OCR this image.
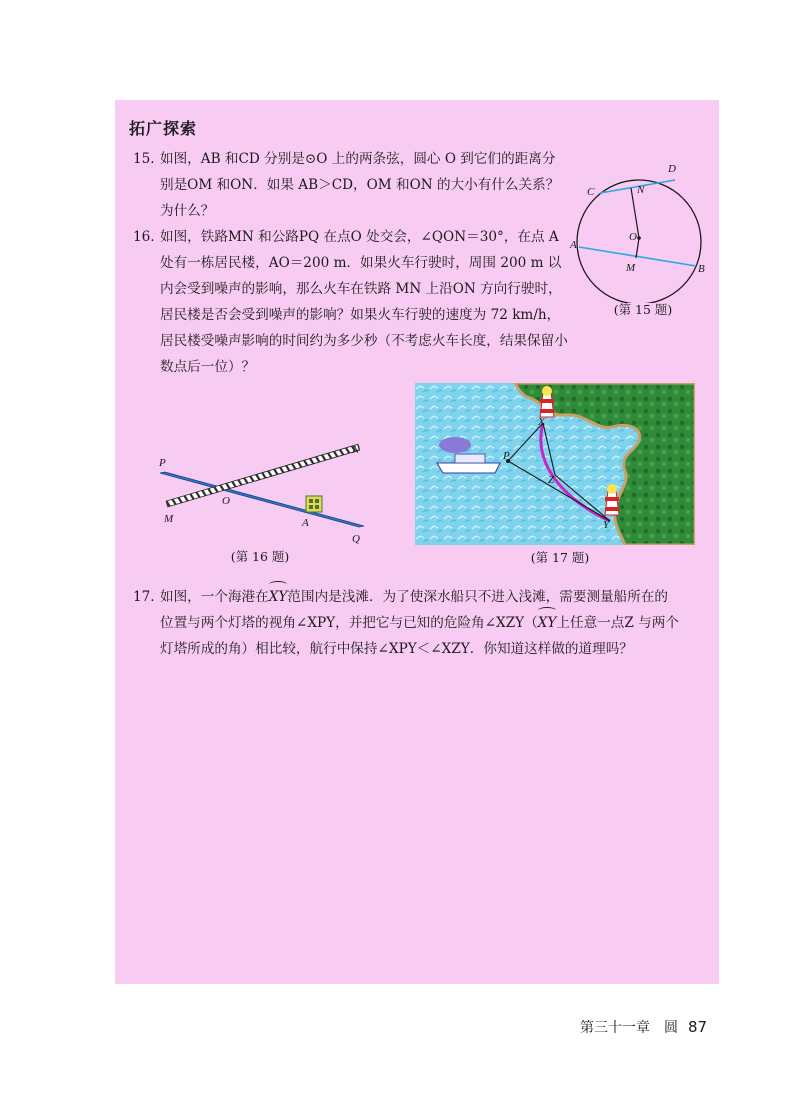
拓广探索

15. 如图，AB 和CD 分别是⊙O 上的两条弦，圆心 O 到它们的距离分别是OM 和ON．如果 AB＞CD，OM 和ON 的大小有什么关系？为什么？

D
C	N
O
A
M	B
(第 15 题)

16. 如图，铁路MN 和公路PQ 在点O 处交会，∠QON＝30°，在点 A 处有一栋居民楼，AO＝200 m．如果火车行驶时，周围 200 m 以内会受到噪声的影响，那么火车在铁路 MN 上沿ON 方向行驶时，居民楼是否会受到噪声的影响？如果火车行驶的速度为 72 km/h，居民楼受噪声影响的时间约为多少秒（不考虑火车长度，结果保留小数点后一位）？

P
N
O
M	A
Q
(第 16 题)
X
P
Z
Y
(第 17 题)

17. 如图，一个海港在XY范围内是浅滩．为了使深水船只不进入浅滩，需要测量船所在的位置与两个灯塔的视角∠XPY，并把它与已知的危险角∠XZY（XY上任意一点Z 与两个灯塔所成的角）相比较，航行中保持∠XPY＜∠XZY．你知道这样做的道理吗？

第三十一章　圆 87
